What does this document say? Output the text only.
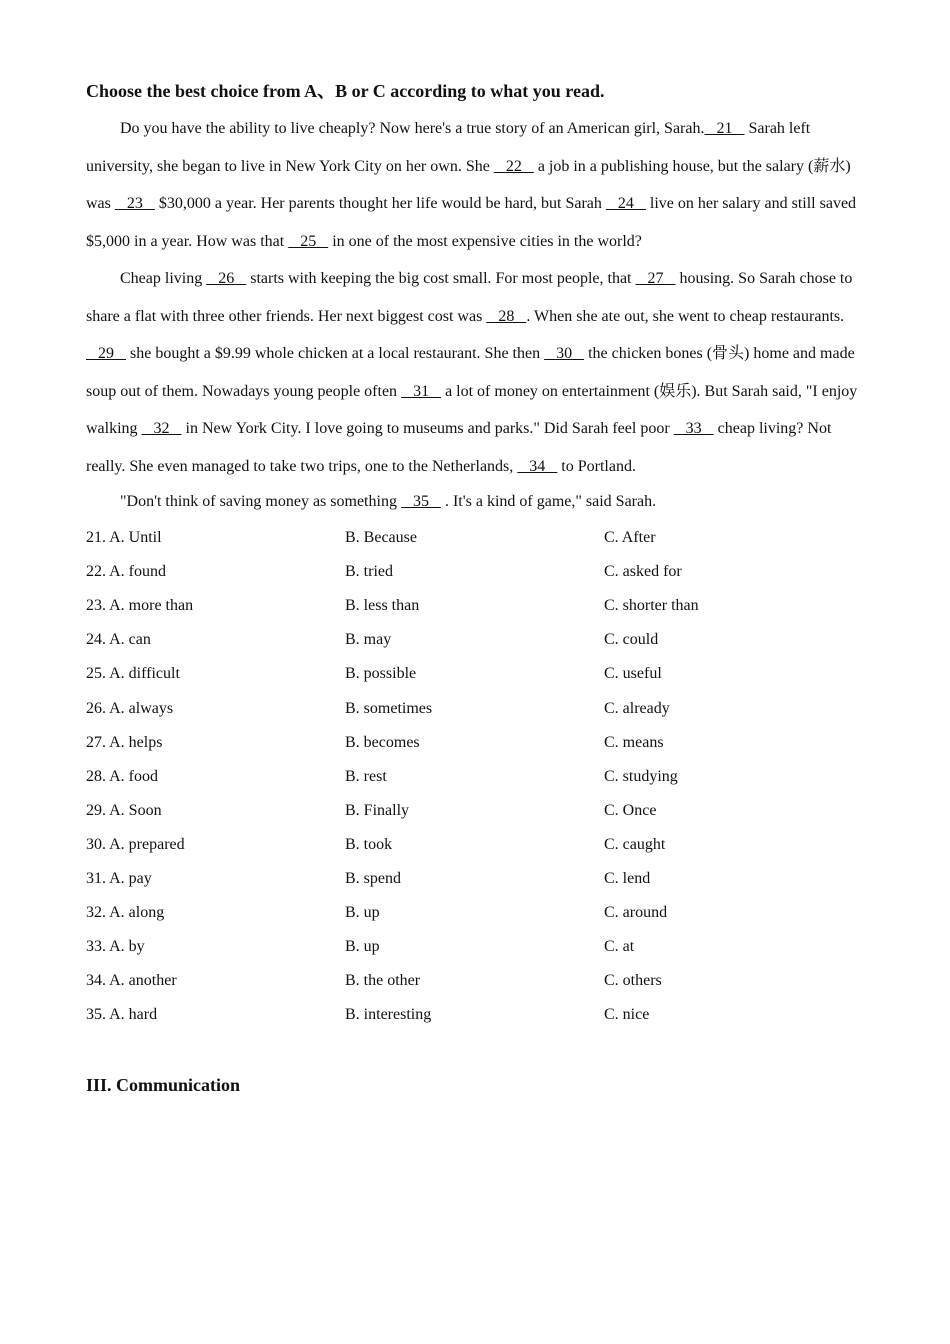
Choose the best choice from A、B or C according to what you read.

Do you have the ability to live cheaply? Now here's a true story of an American girl, Sarah.   21    Sarah left university, she began to live in New York City on her own. She    22    a job in a publishing house, but the salary (薪水) was    23    $30,000 a year. Her parents thought her life would be hard, but Sarah    24    live on her salary and still saved $5,000 in a year. How was that    25    in one of the most expensive cities in the world?

Cheap living    26    starts with keeping the big cost small. For most people, that    27    housing. So Sarah chose to share a flat with three other friends. Her next biggest cost was    28   . When she ate out, she went to cheap restaurants.    29    she bought a $9.99 whole chicken at a local restaurant. She then    30    the chicken bones (骨头) home and made soup out of them. Nowadays young people often    31    a lot of money on entertainment (娱乐). But Sarah said, "I enjoy walking    32    in New York City. I love going to museums and parks." Did Sarah feel poor    33    cheap living? Not really. She even managed to take two trips, one to the Netherlands,    34    to Portland.

"Don't think of saving money as something    35    . It's a kind of game," said Sarah.

21. A. Until	B. Because	C. After
22. A. found	B. tried	C. asked for
23. A. more than	B. less than	C. shorter than
24. A. can	B. may	C. could
25. A. difficult	B. possible	C. useful
26. A. always	B. sometimes	C. already
27. A. helps	B. becomes	C. means
28. A. food	B. rest	C. studying
29. A. Soon	B. Finally	C. Once
30. A. prepared	B. took	C. caught
31. A. pay	B. spend	C. lend
32. A. along	B. up	C. around
33. A. by	B. up	C. at
34. A. another	B. the other	C. others
35. A. hard	B. interesting	C. nice
III. Communication
